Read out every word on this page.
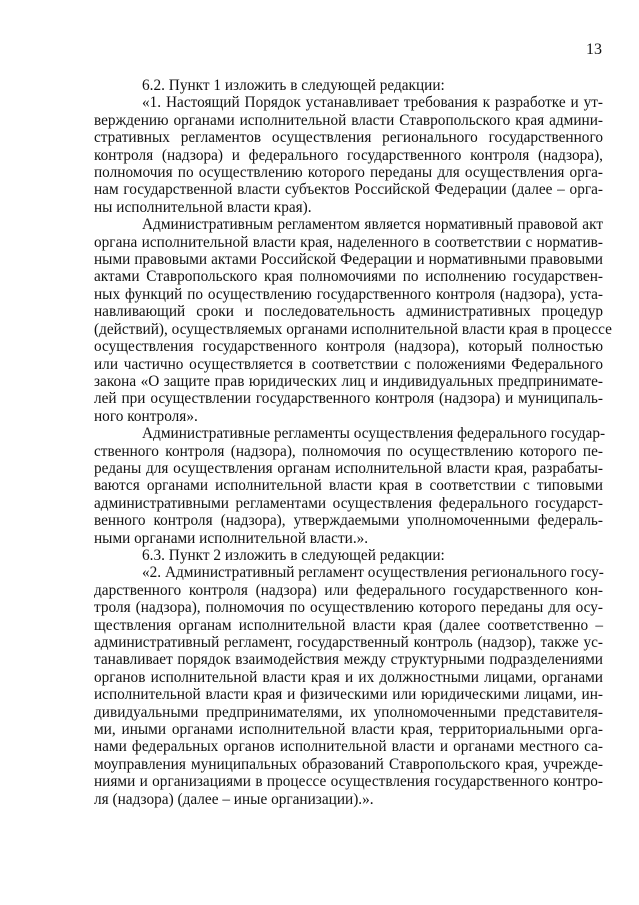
13
6.2. Пункт 1 изложить в следующей редакции:
«1. Настоящий Порядок устанавливает требования к разработке и ут-
верждению органами исполнительной власти Ставропольского края админи-
стративных регламентов осуществления регионального государственного
контроля (надзора) и федерального государственного контроля (надзора),
полномочия по осуществлению которого переданы для осуществления орга-
нам государственной власти субъектов Российской Федерации (далее – орга-
ны исполнительной власти края).
Административным регламентом является нормативный правовой акт
органа исполнительной власти края, наделенного в соответствии с норматив-
ными правовыми актами Российской Федерации и нормативными правовыми
актами Ставропольского края полномочиями по исполнению государствен-
ных функций по осуществлению государственного контроля (надзора), уста-
навливающий сроки и последовательность административных процедур
(действий), осуществляемых органами исполнительной власти края в процессе
осуществления государственного контроля (надзора), который полностью
или частично осуществляется в соответствии с положениями Федерального
закона «О защите прав юридических лиц и индивидуальных предпринимате-
лей при осуществлении государственного контроля (надзора) и муниципаль-
ного контроля».
Административные регламенты осуществления федерального государ-
ственного контроля (надзора), полномочия по осуществлению которого пе-
реданы для осуществления органам исполнительной власти края, разрабаты-
ваются органами исполнительной власти края в соответствии с типовыми
административными регламентами осуществления федерального государст-
венного контроля (надзора), утверждаемыми уполномоченными федераль-
ными органами исполнительной власти.».
6.3. Пункт 2 изложить в следующей редакции:
«2. Административный регламент осуществления регионального госу-
дарственного контроля (надзора) или федерального государственного кон-
троля (надзора), полномочия по осуществлению которого переданы для осу-
ществления органам исполнительной власти края (далее соответственно –
административный регламент, государственный контроль (надзор), также ус-
танавливает порядок взаимодействия между структурными подразделениями
органов исполнительной власти края и их должностными лицами, органами
исполнительной власти края и физическими или юридическими лицами, ин-
дивидуальными предпринимателями, их уполномоченными представителя-
ми, иными органами исполнительной власти края, территориальными орга-
нами федеральных органов исполнительной власти и органами местного са-
моуправления муниципальных образований Ставропольского края, учрежде-
ниями и организациями в процессе осуществления государственного контро-
ля (надзора) (далее – иные организации).».
